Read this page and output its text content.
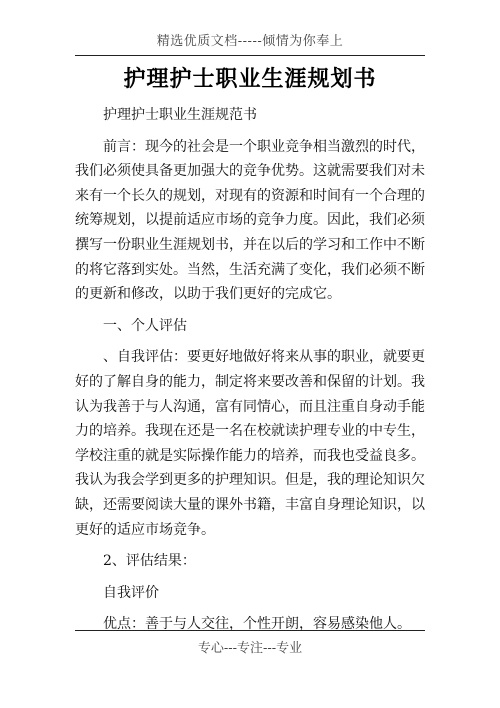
精选优质文档-----倾情为你奉上
护理护士职业生涯规划书

护理护士职业生涯规范书

前言：现今的社会是一个职业竞争相当激烈的时代，我们必须使具备更加强大的竞争优势。这就需要我们对未来有一个长久的规划，对现有的资源和时间有一个合理的统筹规划，以提前适应市场的竞争力度。因此，我们必须撰写一份职业生涯规划书，并在以后的学习和工作中不断的将它落到实处。当然，生活充满了变化，我们必须不断的更新和修改，以助于我们更好的完成它。

一、个人评估

、自我评估：要更好地做好将来从事的职业，就要更好的了解自身的能力，制定将来要改善和保留的计划。我认为我善于与人沟通，富有同情心，而且注重自身动手能力的培养。我现在还是一名在校就读护理专业的中专生，学校注重的就是实际操作能力的培养，而我也受益良多。我认为我会学到更多的护理知识。但是，我的理论知识欠缺，还需要阅读大量的课外书籍，丰富自身理论知识，以更好的适应市场竞争。

2、评估结果：

自我评价

优点：善于与人交往，个性开朗，容易感染他人。

专心---专注---专业
